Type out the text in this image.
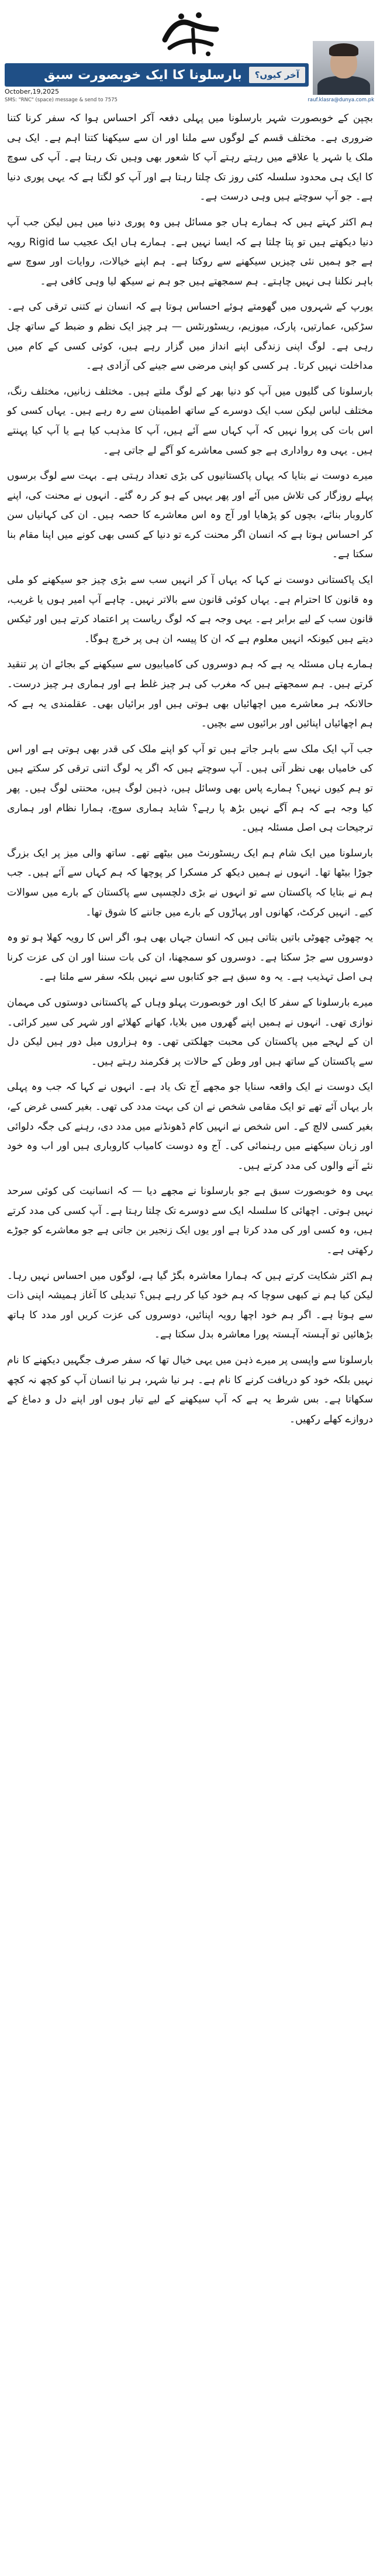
بارسلونا کا ایک خوبصورت سبق	آخر کیوں؟
October,19,2025
SMS: "RNC" (space) message & send to 7575	rauf.klasra@dunya.com.pk

بچپن کے خوبصورت شہر بارسلونا میں پہلی دفعہ آکر احساس ہوا کہ سفر کرنا کتنا ضروری ہے۔ مختلف قسم کے لوگوں سے ملنا اور ان سے سیکھنا کتنا اہم ہے۔ ایک ہی ملک یا شہر یا علاقے میں رہتے رہتے آپ کا شعور بھی وہیں تک رہتا ہے۔ آپ کی سوچ کا ایک ہی محدود سلسلہ کئی روز تک چلتا رہتا ہے اور آپ کو لگتا ہے کہ یہی پوری دنیا ہے۔ جو آپ سوچتے ہیں وہی درست ہے۔

ہم اکثر کہتے ہیں کہ ہمارے ہاں جو مسائل ہیں وہ پوری دنیا میں ہیں لیکن جب آپ دنیا دیکھتے ہیں تو پتا چلتا ہے کہ ایسا نہیں ہے۔ ہمارے ہاں ایک عجیب سا Rigid رویہ ہے جو ہمیں نئی چیزیں سیکھنے سے روکتا ہے۔ ہم اپنے خیالات، روایات اور سوچ سے باہر نکلنا ہی نہیں چاہتے۔ ہم سمجھتے ہیں جو ہم نے سیکھ لیا وہی کافی ہے۔

یورپ کے شہروں میں گھومتے ہوئے احساس ہوتا ہے کہ انسان نے کتنی ترقی کی ہے۔ سڑکیں، عمارتیں، پارک، میوزیم، ریسٹورنٹس — ہر چیز ایک نظم و ضبط کے ساتھ چل رہی ہے۔ لوگ اپنی زندگی اپنے انداز میں گزار رہے ہیں، کوئی کسی کے کام میں مداخلت نہیں کرتا۔ ہر کسی کو اپنی مرضی سے جینے کی آزادی ہے۔

بارسلونا کی گلیوں میں آپ کو دنیا بھر کے لوگ ملتے ہیں۔ مختلف زبانیں، مختلف رنگ، مختلف لباس لیکن سب ایک دوسرے کے ساتھ اطمینان سے رہ رہے ہیں۔ یہاں کسی کو اس بات کی پروا نہیں کہ آپ کہاں سے آئے ہیں، آپ کا مذہب کیا ہے یا آپ کیا پہنتے ہیں۔ یہی وہ رواداری ہے جو کسی معاشرے کو آگے لے جاتی ہے۔

میرے دوست نے بتایا کہ یہاں پاکستانیوں کی بڑی تعداد رہتی ہے۔ بہت سے لوگ برسوں پہلے روزگار کی تلاش میں آئے اور پھر یہیں کے ہو کر رہ گئے۔ انہوں نے محنت کی، اپنے کاروبار بنائے، بچوں کو پڑھایا اور آج وہ اس معاشرے کا حصہ ہیں۔ ان کی کہانیاں سن کر احساس ہوتا ہے کہ انسان اگر محنت کرے تو دنیا کے کسی بھی کونے میں اپنا مقام بنا سکتا ہے۔

ایک پاکستانی دوست نے کہا کہ یہاں آ کر انہیں سب سے بڑی چیز جو سیکھنے کو ملی وہ قانون کا احترام ہے۔ یہاں کوئی قانون سے بالاتر نہیں۔ چاہے آپ امیر ہوں یا غریب، قانون سب کے لیے برابر ہے۔ یہی وجہ ہے کہ لوگ ریاست پر اعتماد کرتے ہیں اور ٹیکس دیتے ہیں کیونکہ انہیں معلوم ہے کہ ان کا پیسہ ان ہی پر خرچ ہوگا۔

ہمارے ہاں مسئلہ یہ ہے کہ ہم دوسروں کی کامیابیوں سے سیکھنے کے بجائے ان پر تنقید کرتے ہیں۔ ہم سمجھتے ہیں کہ مغرب کی ہر چیز غلط ہے اور ہماری ہر چیز درست۔ حالانکہ ہر معاشرے میں اچھائیاں بھی ہوتی ہیں اور برائیاں بھی۔ عقلمندی یہ ہے کہ ہم اچھائیاں اپنائیں اور برائیوں سے بچیں۔

جب آپ ایک ملک سے باہر جاتے ہیں تو آپ کو اپنے ملک کی قدر بھی ہوتی ہے اور اس کی خامیاں بھی نظر آتی ہیں۔ آپ سوچتے ہیں کہ اگر یہ لوگ اتنی ترقی کر سکتے ہیں تو ہم کیوں نہیں؟ ہمارے پاس بھی وسائل ہیں، ذہین لوگ ہیں، محنتی لوگ ہیں۔ پھر کیا وجہ ہے کہ ہم آگے نہیں بڑھ پا رہے؟ شاید ہماری سوچ، ہمارا نظام اور ہماری ترجیحات ہی اصل مسئلہ ہیں۔

بارسلونا میں ایک شام ہم ایک ریسٹورنٹ میں بیٹھے تھے۔ ساتھ والی میز پر ایک بزرگ جوڑا بیٹھا تھا۔ انہوں نے ہمیں دیکھ کر مسکرا کر پوچھا کہ ہم کہاں سے آئے ہیں۔ جب ہم نے بتایا کہ پاکستان سے تو انہوں نے بڑی دلچسپی سے پاکستان کے بارے میں سوالات کیے۔ انہیں کرکٹ، کھانوں اور پہاڑوں کے بارے میں جاننے کا شوق تھا۔

یہ چھوٹی چھوٹی باتیں بتاتی ہیں کہ انسان جہاں بھی ہو، اگر اس کا رویہ کھلا ہو تو وہ دوسروں سے جڑ سکتا ہے۔ دوسروں کو سمجھنا، ان کی بات سننا اور ان کی عزت کرنا ہی اصل تہذیب ہے۔ یہ وہ سبق ہے جو کتابوں سے نہیں بلکہ سفر سے ملتا ہے۔

میرے بارسلونا کے سفر کا ایک اور خوبصورت پہلو وہاں کے پاکستانی دوستوں کی مہمان نوازی تھی۔ انہوں نے ہمیں اپنے گھروں میں بلایا، کھانے کھلائے اور شہر کی سیر کرائی۔ ان کے لہجے میں پاکستان کی محبت جھلکتی تھی۔ وہ ہزاروں میل دور ہیں لیکن دل سے پاکستان کے ساتھ ہیں اور وطن کے حالات پر فکرمند رہتے ہیں۔

ایک دوست نے ایک واقعہ سنایا جو مجھے آج تک یاد ہے۔ انہوں نے کہا کہ جب وہ پہلی بار یہاں آئے تھے تو ایک مقامی شخص نے ان کی بہت مدد کی تھی۔ بغیر کسی غرض کے، بغیر کسی لالچ کے۔ اس شخص نے انہیں کام ڈھونڈنے میں مدد دی، رہنے کی جگہ دلوائی اور زبان سیکھنے میں رہنمائی کی۔ آج وہ دوست کامیاب کاروباری ہیں اور اب وہ خود نئے آنے والوں کی مدد کرتے ہیں۔

یہی وہ خوبصورت سبق ہے جو بارسلونا نے مجھے دیا — کہ انسانیت کی کوئی سرحد نہیں ہوتی۔ اچھائی کا سلسلہ ایک سے دوسرے تک چلتا رہتا ہے۔ آپ کسی کی مدد کرتے ہیں، وہ کسی اور کی مدد کرتا ہے اور یوں ایک زنجیر بن جاتی ہے جو معاشرے کو جوڑے رکھتی ہے۔

ہم اکثر شکایت کرتے ہیں کہ ہمارا معاشرہ بگڑ گیا ہے، لوگوں میں احساس نہیں رہا۔ لیکن کیا ہم نے کبھی سوچا کہ ہم خود کیا کر رہے ہیں؟ تبدیلی کا آغاز ہمیشہ اپنی ذات سے ہوتا ہے۔ اگر ہم خود اچھا رویہ اپنائیں، دوسروں کی عزت کریں اور مدد کا ہاتھ بڑھائیں تو آہستہ آہستہ پورا معاشرہ بدل سکتا ہے۔

بارسلونا سے واپسی پر میرے ذہن میں یہی خیال تھا کہ سفر صرف جگہیں دیکھنے کا نام نہیں بلکہ خود کو دریافت کرنے کا نام ہے۔ ہر نیا شہر، ہر نیا انسان آپ کو کچھ نہ کچھ سکھاتا ہے۔ بس شرط یہ ہے کہ آپ سیکھنے کے لیے تیار ہوں اور اپنے دل و دماغ کے دروازے کھلے رکھیں۔
